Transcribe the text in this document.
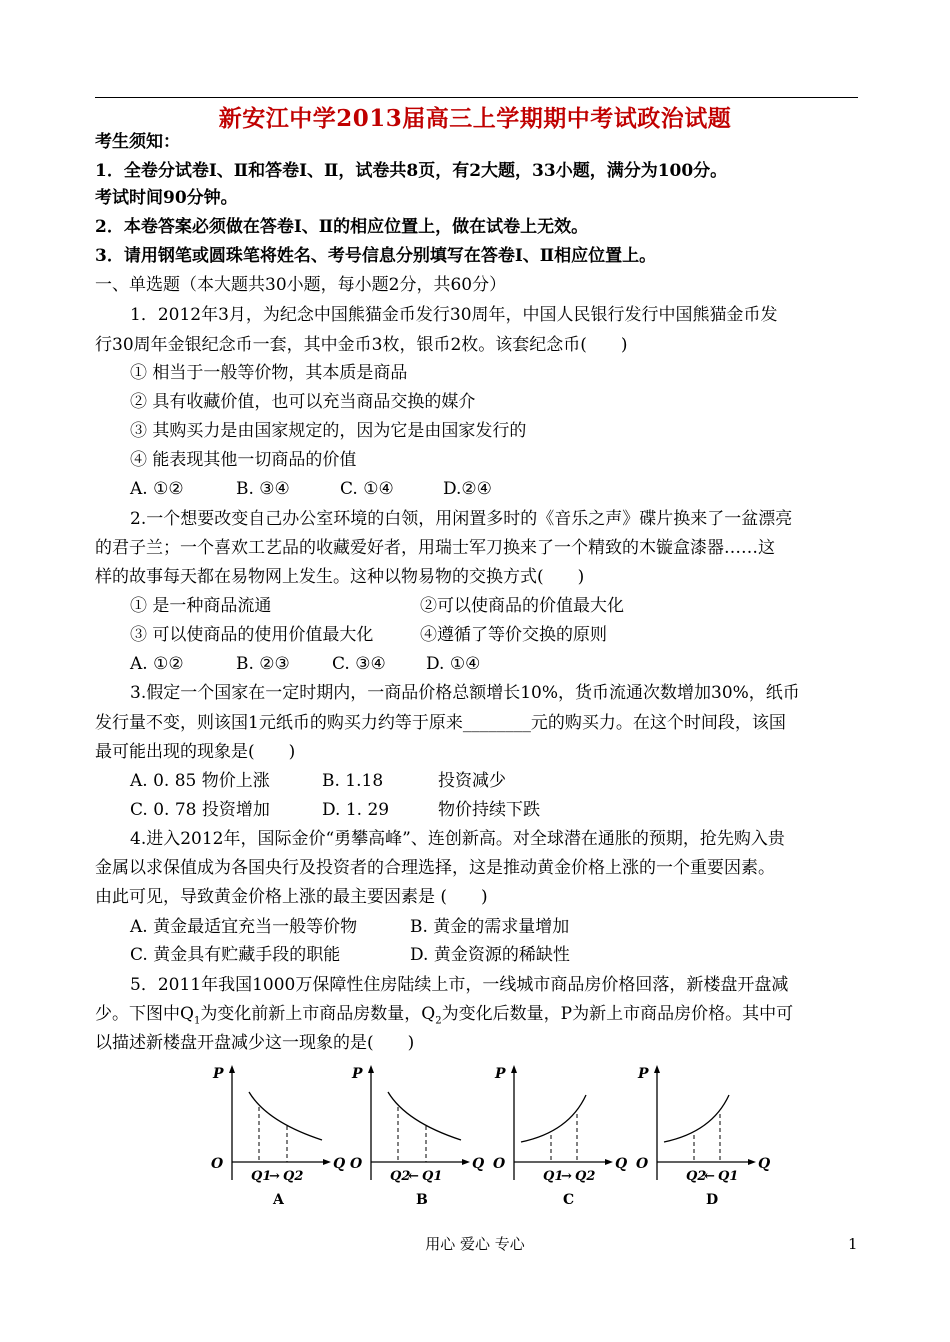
新安江中学2013届高三上学期期中考试政治试题
考生须知：
1．全卷分试卷Ⅰ、Ⅱ和答卷Ⅰ、Ⅱ，试卷共8页，有2大题，33小题，满分为100分。
考试时间90分钟。
2．本卷答案必须做在答卷Ⅰ、Ⅱ的相应位置上，做在试卷上无效。
3．请用钢笔或圆珠笔将姓名、考号信息分别填写在答卷Ⅰ、Ⅱ相应位置上。
一、单选题（本大题共30小题，每小题2分，共60分）
1．2012年3月，为纪念中国熊猫金币发行30周年，中国人民银行发行中国熊猫金币发
行30周年金银纪念币一套，其中金币3枚，银币2枚。该套纪念币(　　)
① 相当于一般等价物，其本质是商品
② 具有收藏价值，也可以充当商品交换的媒介
③ 其购买力是由国家规定的，因为它是由国家发行的
④ 能表现其他一切商品的价值
A. ①②	B. ③④	C. ①④	D.②④
2.一个想要改变自己办公室环境的白领，用闲置多时的《音乐之声》碟片换来了一盆漂亮
的君子兰；一个喜欢工艺品的收藏爱好者，用瑞士军刀换来了一个精致的木镟盒漆器……这
样的故事每天都在易物网上发生。这种以物易物的交换方式(　　)
① 是一种商品流通	②可以使商品的价值最大化
③ 可以使商品的使用价值最大化	④遵循了等价交换的原则
A. ①②	B. ②③ C. ③④ D. ①④
3.假定一个国家在一定时期内，一商品价格总额增长10%，货币流通次数增加30%，纸币
发行量不变，则该国1元纸币的购买力约等于原来________元的购买力。在这个时间段，该国
最可能出现的现象是(　　)
A. 0. 85 物价上涨	B. 1.18	投资减少
C. 0. 78 投资增加	D. 1. 29	物价持续下跌
4.进入2012年，国际金价“勇攀高峰”、连创新高。对全球潜在通胀的预期，抢先购入贵
金属以求保值成为各国央行及投资者的合理选择，这是推动黄金价格上涨的一个重要因素。
由此可见，导致黄金价格上涨的最主要因素是 (　　)
A. 黄金最适宜充当一般等价物	B. 黄金的需求量增加
C. 黄金具有贮藏手段的职能	D. 黄金资源的稀缺性
5．2011年我国1000万保障性住房陆续上市，一线城市商品房价格回落，新楼盘开盘减
少。下图中$Q_1$为变化前新上市商品房数量，$Q_2$为变化后数量，P为新上市商品房价格。其中可
以描述新楼盘开盘减少这一现象的是(　　)
P
O	Q
Q1
→ Q2
A
P
O	Q
Q2
← Q1
B
P
O	Q
Q1
→ Q2
C
P
O	Q
Q2
← Q1
D
用心 爱心 专心	1
